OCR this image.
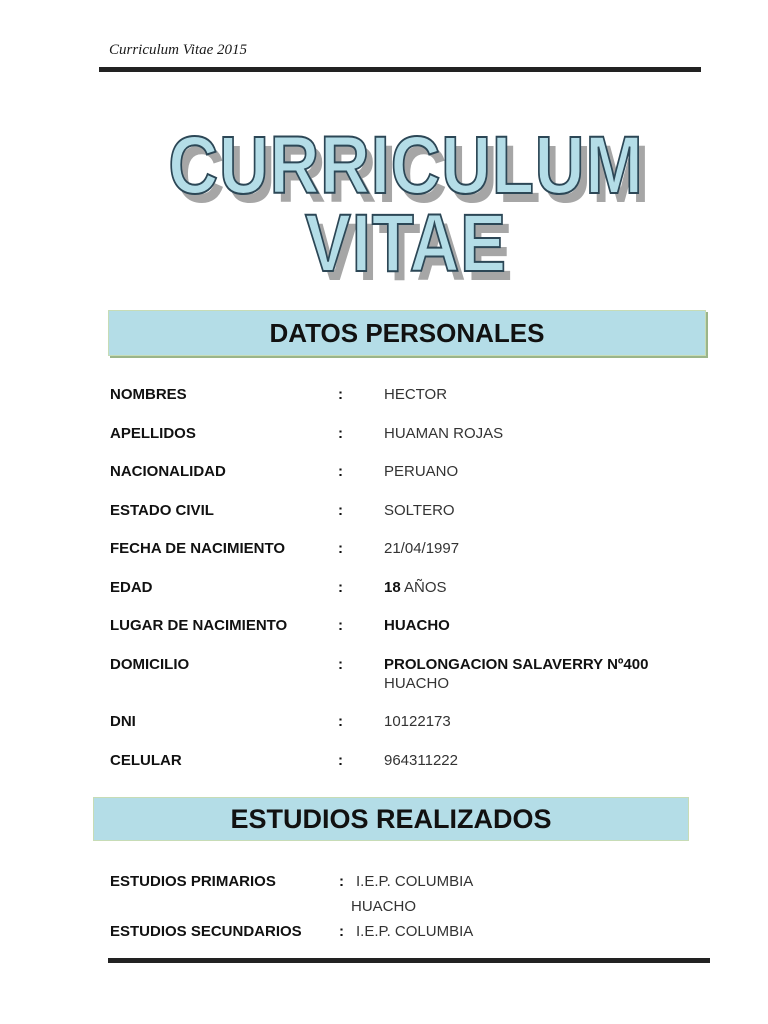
Curriculum Vitae 2015
CURRICULUM
VITAE
DATOS PERSONALES
NOMBRES	:	HECTOR
APELLIDOS	:	HUAMAN ROJAS
NACIONALIDAD	:	PERUANO
ESTADO CIVIL	:	SOLTERO
FECHA DE NACIMIENTO	:	21/04/1997
EDAD	:	18 AÑOS
LUGAR DE NACIMIENTO	:	HUACHO
DOMICILIO	:	PROLONGACION SALAVERRY Nº400
HUACHO
DNI	:	10122173
CELULAR	:	964311222
ESTUDIOS REALIZADOS
ESTUDIOS PRIMARIOS	: I.E.P. COLUMBIA
HUACHO
ESTUDIOS SECUNDARIOS : I.E.P. COLUMBIA
